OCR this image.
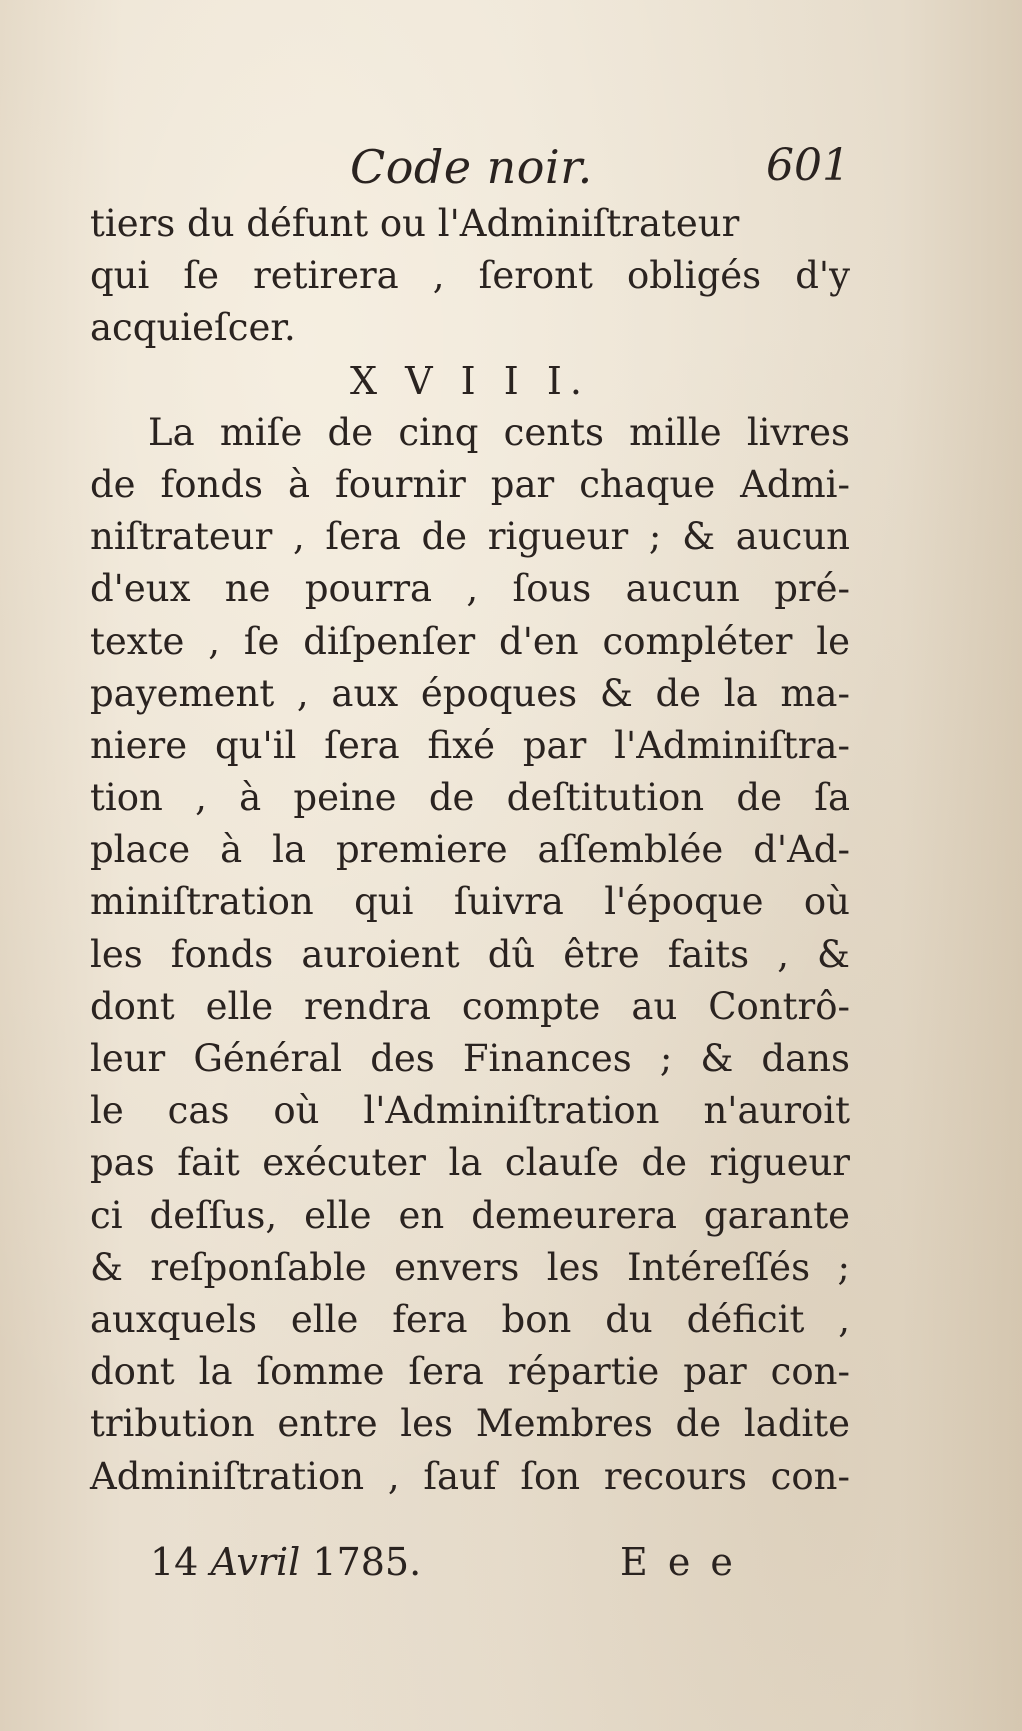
Code noir.	601
tiers du défunt ou l'Adminiſtrateur
qui ſe retirera , ſeront obligés d'y
acquieſcer.
X V I I I.
La miſe de cinq cents mille livres
de fonds à fournir par chaque Admi-
niſtrateur , ſera de rigueur ; & aucun
d'eux ne pourra , ſous aucun pré-
texte , ſe diſpenſer d'en compléter le
payement , aux époques & de la ma-
niere qu'il ſera fixé par l'Adminiſtra-
tion , à peine de deſtitution de ſa
place à la premiere aſſemblée d'Ad-
miniſtration qui ſuivra l'époque où
les fonds auroient dû être faits , &
dont elle rendra compte au Contrô-
leur Général des Finances ; & dans
le cas où l'Adminiſtration n'auroit
pas fait exécuter la clauſe de rigueur
ci deſſus, elle en demeurera garante
& reſponſable envers les Intéreſſés ;
auxquels elle fera bon du déficit ,
dont la ſomme ſera répartie par con-
tribution entre les Membres de ladite
Adminiſtration , ſauf ſon recours con-
14 Avril 1785.	E e e
